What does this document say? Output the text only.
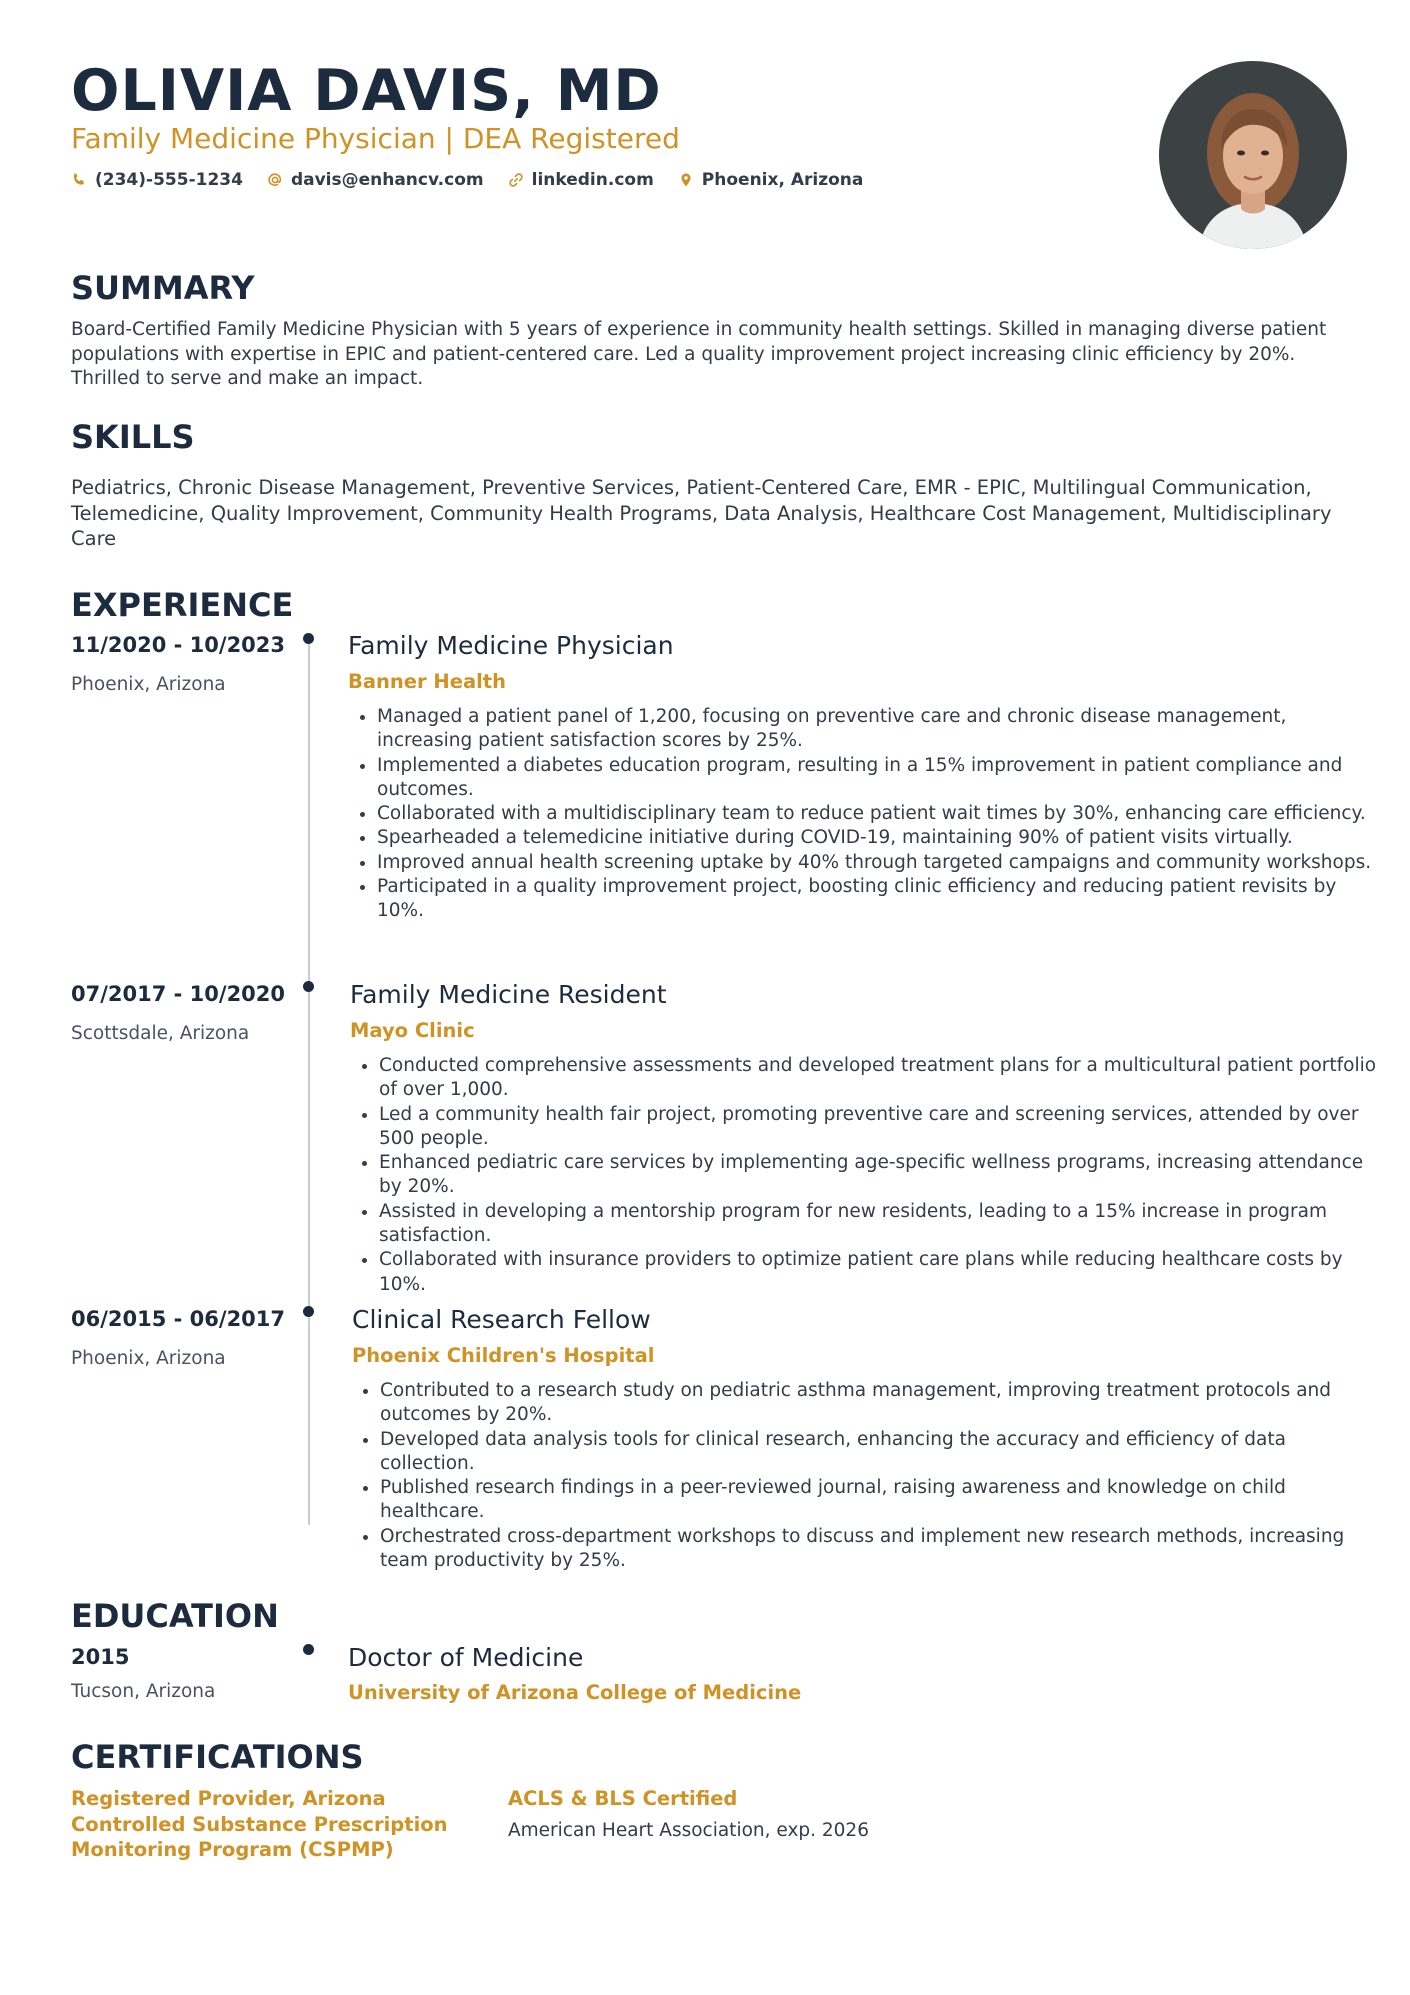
OLIVIA DAVIS, MD
Family Medicine Physician | DEA Registered
(234)-555-1234	davis@enhancv.com	linkedin.com	Phoenix, Arizona
SUMMARY
Board-Certified Family Medicine Physician with 5 years of experience in community health settings. Skilled in managing diverse patient populations with expertise in EPIC and patient-centered care. Led a quality improvement project increasing clinic efficiency by 20%. Thrilled to serve and make an impact.
SKILLS
Pediatrics, Chronic Disease Management, Preventive Services, Patient-Centered Care, EMR - EPIC, Multilingual Communication, Telemedicine, Quality Improvement, Community Health Programs, Data Analysis, Healthcare Cost Management, Multidisciplinary Care
EXPERIENCE
11/2020 - 10/2023
Phoenix, Arizona
Family Medicine Physician
Banner Health
• Managed a patient panel of 1,200, focusing on preventive care and chronic disease management, increasing patient satisfaction scores by 25%.
• Implemented a diabetes education program, resulting in a 15% improvement in patient compliance and outcomes.
• Collaborated with a multidisciplinary team to reduce patient wait times by 30%, enhancing care efficiency.
• Spearheaded a telemedicine initiative during COVID-19, maintaining 90% of patient visits virtually.
• Improved annual health screening uptake by 40% through targeted campaigns and community workshops.
• Participated in a quality improvement project, boosting clinic efficiency and reducing patient revisits by 10%.
07/2017 - 10/2020
Scottsdale, Arizona
Family Medicine Resident
Mayo Clinic
• Conducted comprehensive assessments and developed treatment plans for a multicultural patient portfolio of over 1,000.
• Led a community health fair project, promoting preventive care and screening services, attended by over 500 people.
• Enhanced pediatric care services by implementing age-specific wellness programs, increasing attendance by 20%.
• Assisted in developing a mentorship program for new residents, leading to a 15% increase in program satisfaction.
• Collaborated with insurance providers to optimize patient care plans while reducing healthcare costs by 10%.
06/2015 - 06/2017
Phoenix, Arizona
Clinical Research Fellow
Phoenix Children's Hospital
• Contributed to a research study on pediatric asthma management, improving treatment protocols and outcomes by 20%.
• Developed data analysis tools for clinical research, enhancing the accuracy and efficiency of data collection.
• Published research findings in a peer-reviewed journal, raising awareness and knowledge on child healthcare.
• Orchestrated cross-department workshops to discuss and implement new research methods, increasing team productivity by 25%.
EDUCATION
2015
Tucson, Arizona
Doctor of Medicine
University of Arizona College of Medicine
CERTIFICATIONS
Registered Provider, Arizona Controlled Substance Prescription Monitoring Program (CSPMP)
ACLS & BLS Certified
American Heart Association, exp. 2026
